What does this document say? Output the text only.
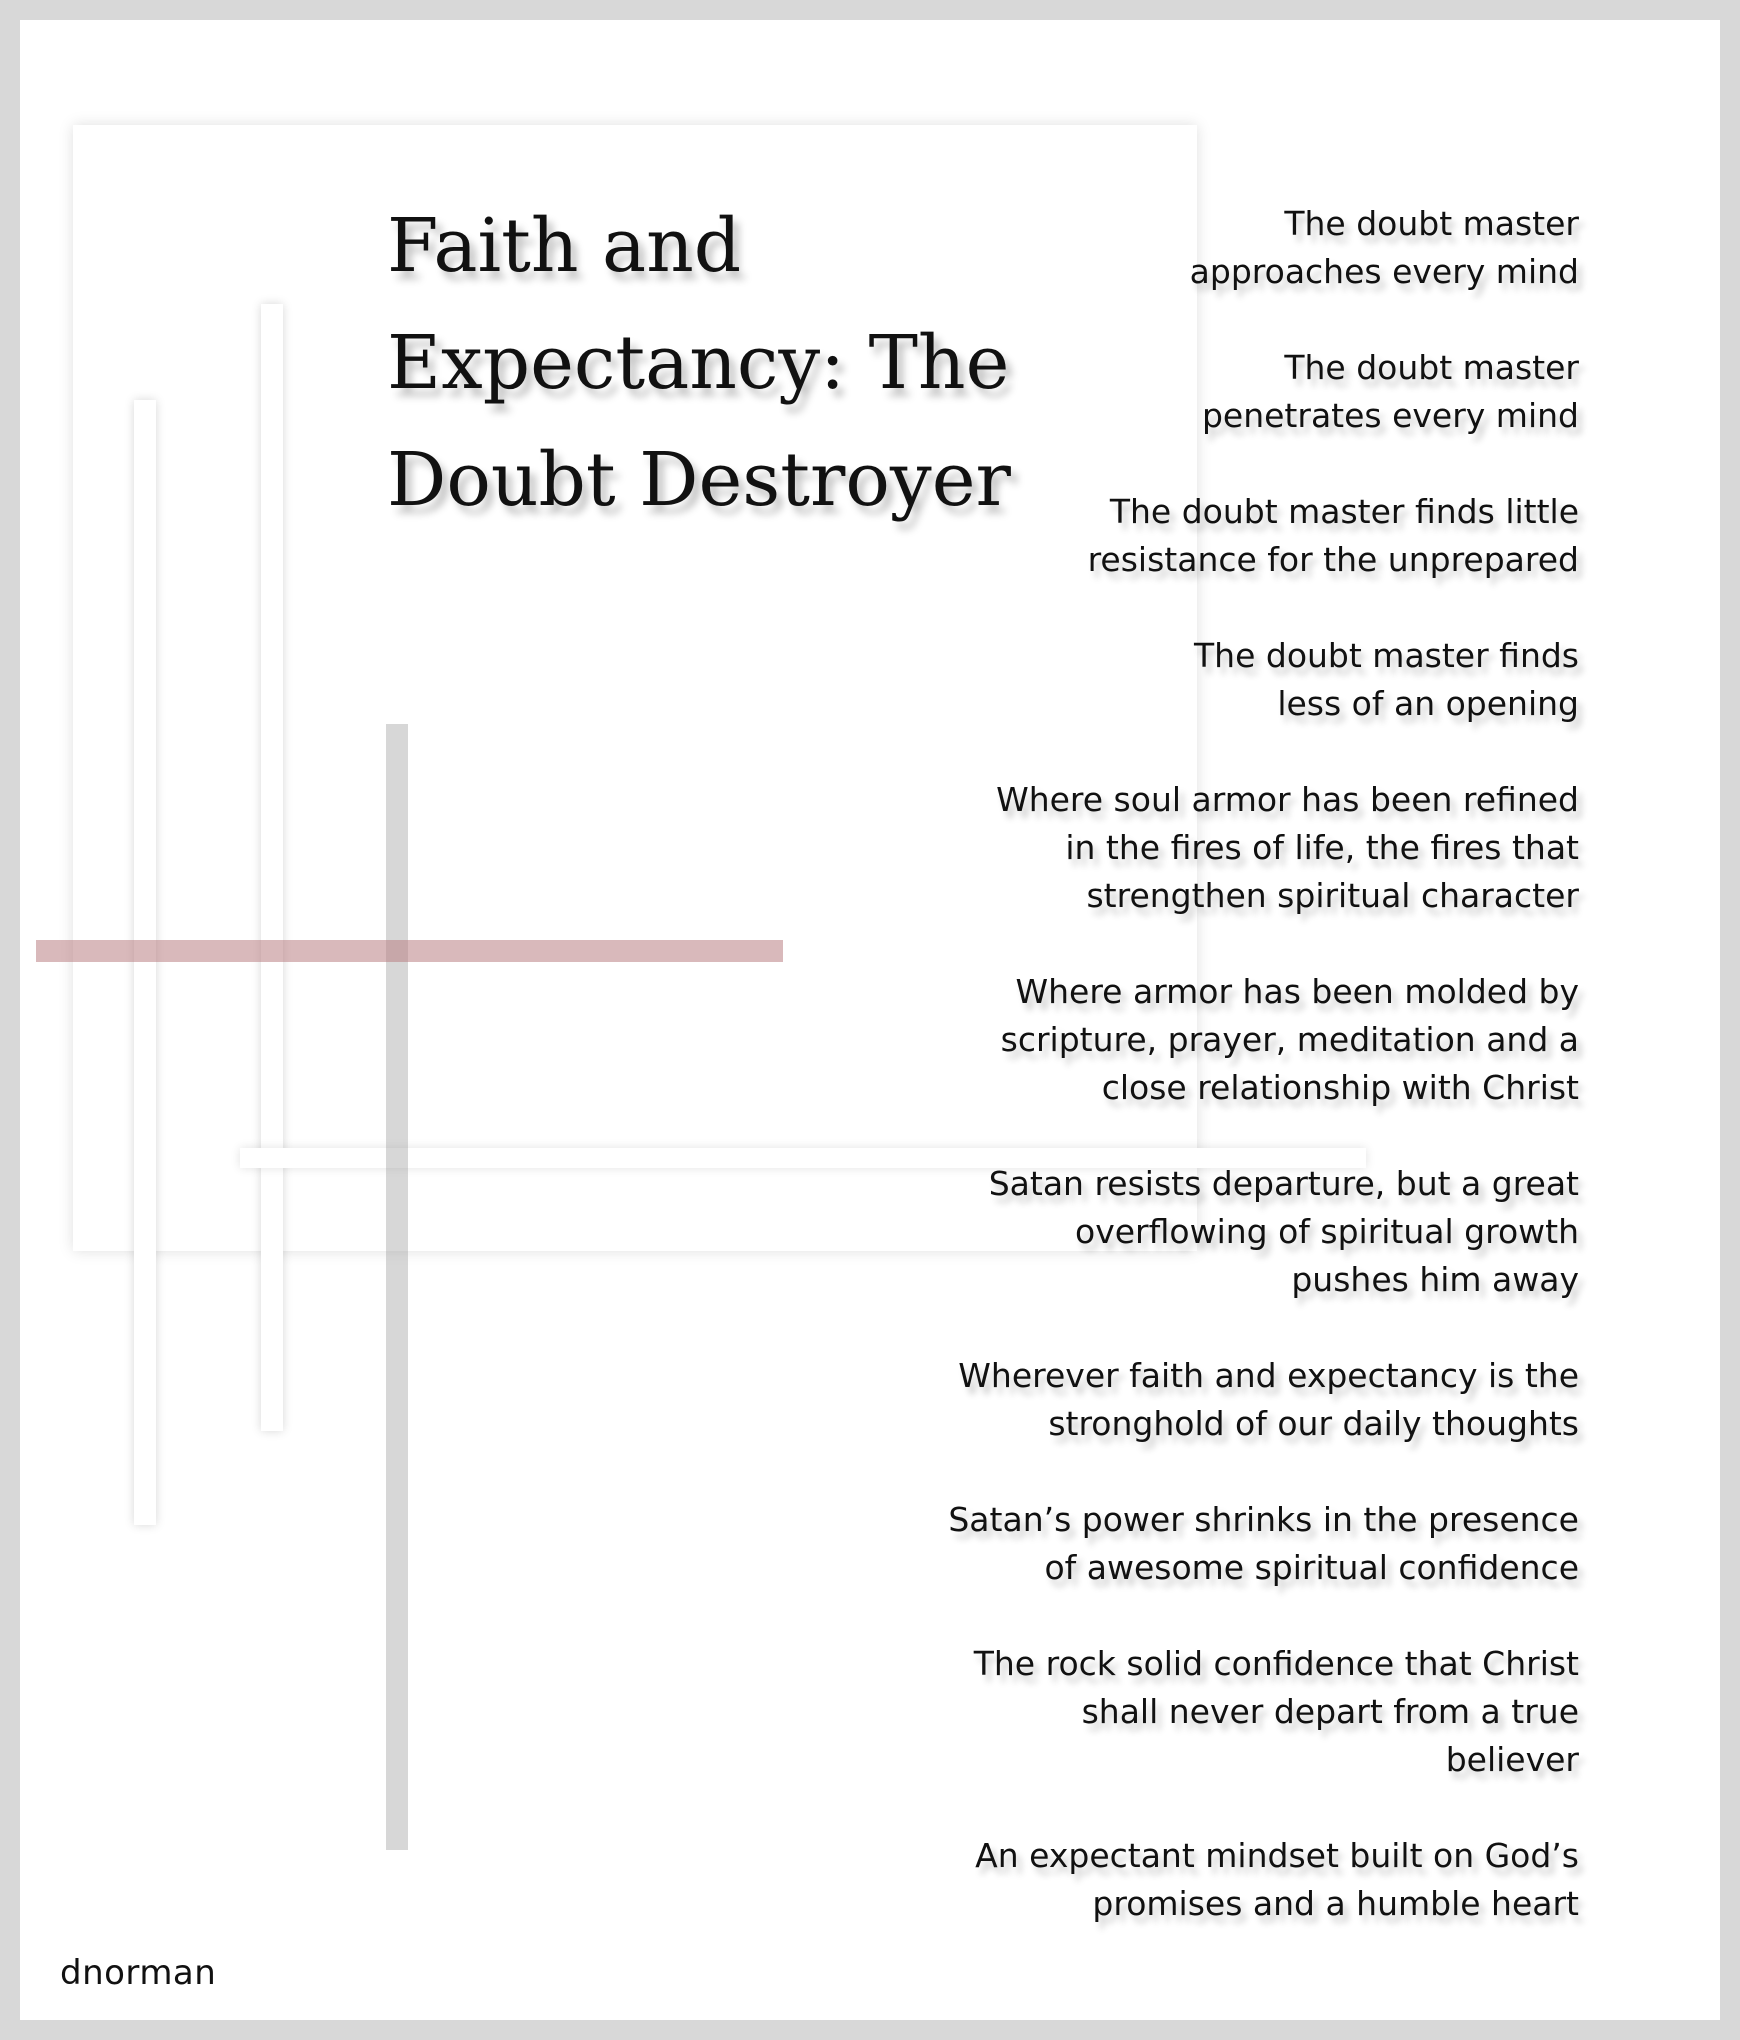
Faith and Expectancy: The Doubt Destroyer
The doubt master
approaches every mind
The doubt master
penetrates every mind
The doubt master finds little
resistance for the unprepared
The doubt master finds
less of an opening
Where soul armor has been refined
in the fires of life, the fires that
strengthen spiritual character
Where armor has been molded by
scripture, prayer, meditation and a
close relationship with Christ
Satan resists departure, but a great
overflowing of spiritual growth
pushes him away
Wherever faith and expectancy is the
stronghold of our daily thoughts
Satan’s power shrinks in the presence
of awesome spiritual confidence
The rock solid confidence that Christ
shall never depart from a true
believer
An expectant mindset built on God’s
promises and a humble heart
dnorman
